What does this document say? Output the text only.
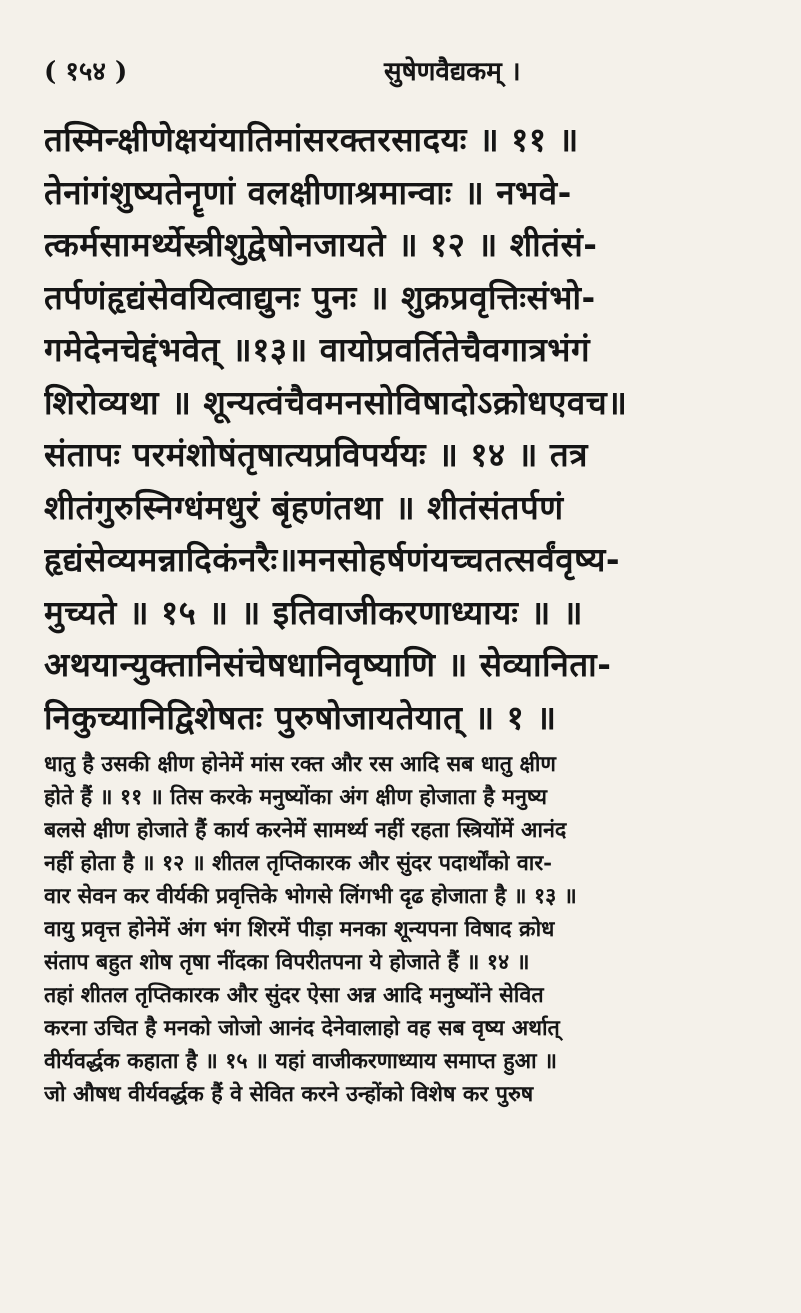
( १५४ )	सुषेणवैद्यकम् ।
तस्मिन्क्षीणेक्षयंयातिमांसरक्तरसादयः ॥ ११ ॥
तेनांगंशुष्यतेनॄणां वलक्षीणाश्रमान्वाः ॥ नभवे-
त्कर्मसामर्थ्येस्त्रीशुद्वेषोनजायते ॥ १२ ॥ शीतंसं-
तर्पणंहृद्यंसेवयित्वाद्युनः पुनः ॥ शुक्रप्रवृत्तिःसंभो-
गमेदेनचेद्दंभवेत् ॥१३॥ वायोप्रवर्तितेचैवगात्रभंगं
शिरोव्यथा ॥ शून्यत्वंचैवमनसोविषादोऽक्रोधएवच॥
संतापः परमंशोषंतृषात्यप्रविपर्ययः ॥ १४ ॥ तत्र
शीतंगुरुस्निग्धंमधुरं बृंहणंतथा ॥ शीतंसंतर्पणं
हृद्यंसेव्यमन्नादिकंनरैः॥मनसोहर्षणंयच्चतत्सर्वंवृष्य-
मुच्यते ॥ १५ ॥ ॥ इतिवाजीकरणाध्यायः ॥ ॥
अथयान्युक्तानिसंचेषधानिवृष्याणि ॥ सेव्यानिता-
निकुच्यानिद्विशेषतः पुरुषोजायतेयात् ॥ १ ॥
धातु है उसकी क्षीण होनेमें मांस रक्त और रस आदि सब धातु क्षीण
होते हैं ॥ ११ ॥ तिस करके मनुष्योंका अंग क्षीण होजाता है मनुष्य
बलसे क्षीण होजाते हैं कार्य करनेमें सामर्थ्य नहीं रहता स्त्रियोंमें आनंद
नहीं होता है ॥ १२ ॥ शीतल तृप्तिकारक और सुंदर पदार्थोंको वार-
वार सेवन कर वीर्यकी प्रवृत्तिके भोगसे लिंगभी दृढ होजाता है ॥ १३ ॥
वायु प्रवृत्त होनेमें अंग भंग शिरमें पीड़ा मनका शून्यपना विषाद क्रोध
संताप बहुत शोष तृषा नींदका विपरीतपना ये होजाते हैं ॥ १४ ॥
तहां शीतल तृप्तिकारक और सुंदर ऐसा अन्न आदि मनुष्योंने सेवित
करना उचित है मनको जोजो आनंद देनेवालाहो वह सब वृष्य अर्थात्
वीर्यवर्द्धक कहाता है ॥ १५ ॥ यहां वाजीकरणाध्याय समाप्त हुआ ॥
जो औषध वीर्यवर्द्धक हैं वे सेवित करने उन्होंको विशेष कर पुरुष
